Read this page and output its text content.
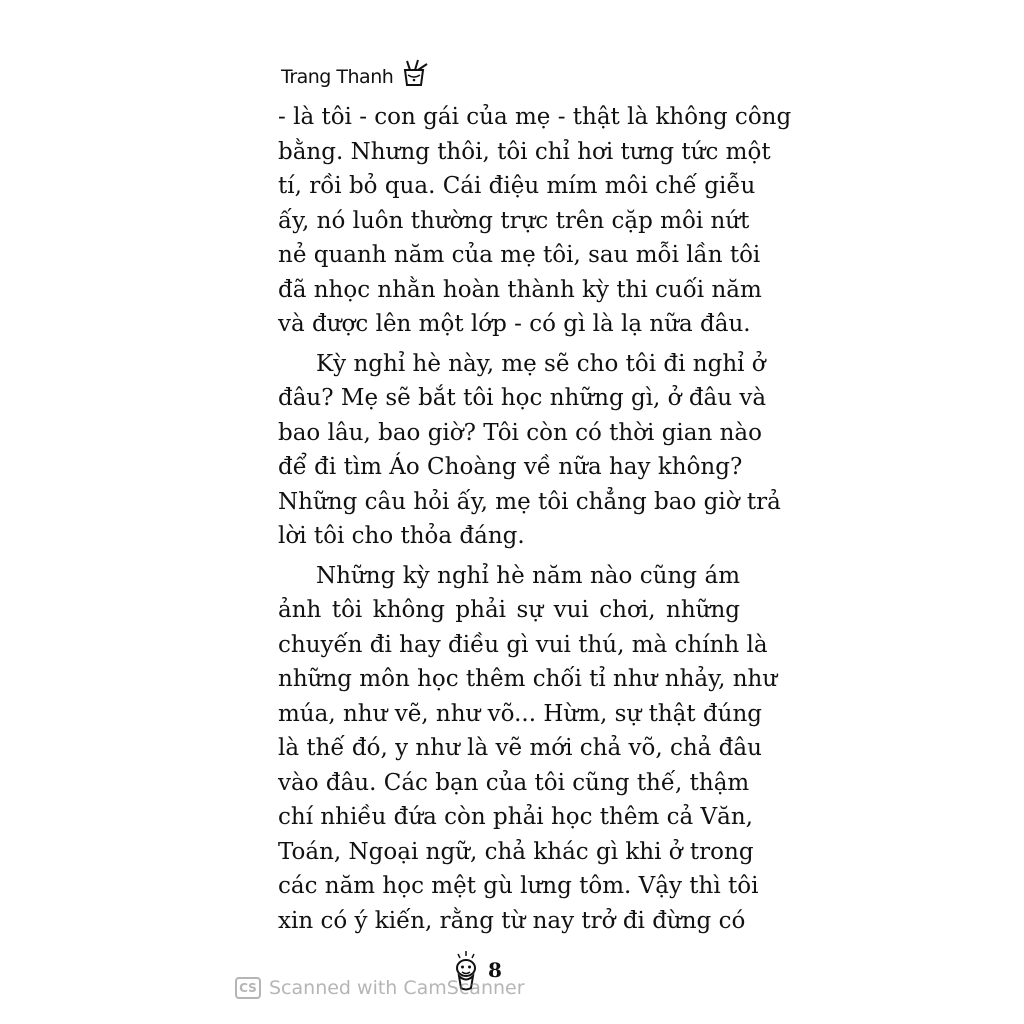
Trang Thanh
- là tôi - con gái của mẹ - thật là không công
bằng. Nhưng thôi, tôi chỉ hơi tưng tức một
tí, rồi bỏ qua. Cái điệu mím môi chế giễu
ấy, nó luôn thường trực trên cặp môi nứt
nẻ quanh năm của mẹ tôi, sau mỗi lần tôi
đã nhọc nhằn hoàn thành kỳ thi cuối năm
và được lên một lớp - có gì là lạ nữa đâu.
Kỳ nghỉ hè này, mẹ sẽ cho tôi đi nghỉ ở
đâu? Mẹ sẽ bắt tôi học những gì, ở đâu và
bao lâu, bao giờ? Tôi còn có thời gian nào
để đi tìm Áo Choàng về nữa hay không?
Những câu hỏi ấy, mẹ tôi chẳng bao giờ trả
lời tôi cho thỏa đáng.
Những kỳ nghỉ hè năm nào cũng ám
ảnh tôi không phải sự vui chơi, những
chuyến đi hay điều gì vui thú, mà chính là
những môn học thêm chối tỉ như nhảy, như
múa, như vẽ, như võ... Hừm, sự thật đúng
là thế đó, y như là vẽ mới chả võ, chả đâu
vào đâu. Các bạn của tôi cũng thế, thậm
chí nhiều đứa còn phải học thêm cả Văn,
Toán, Ngoại ngữ, chả khác gì khi ở trong
các năm học mệt gù lưng tôm. Vậy thì tôi
xin có ý kiến, rằng từ nay trở đi đừng có
8
CS Scanned with CamScanner
